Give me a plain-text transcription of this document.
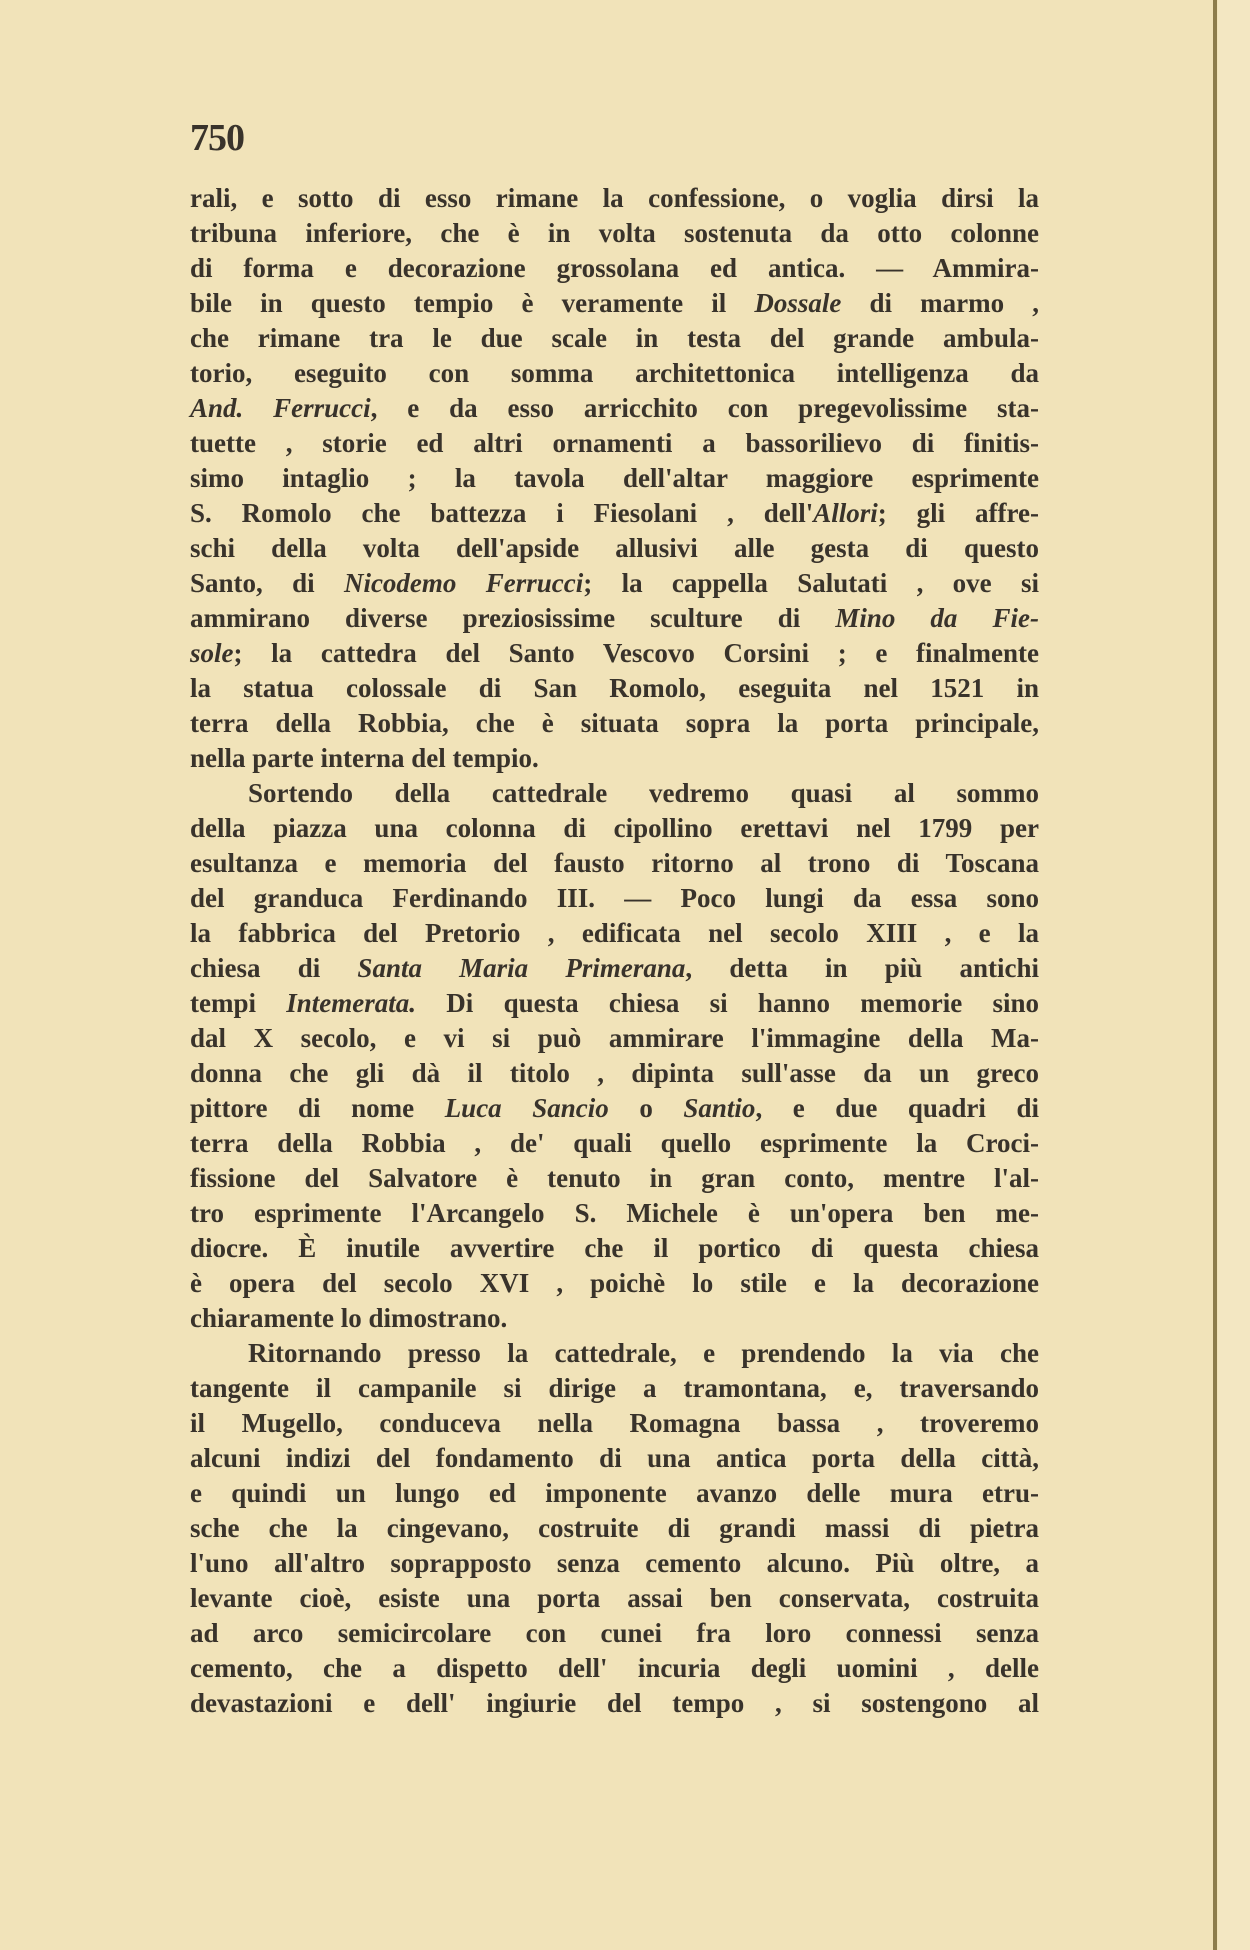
750
rali, e sotto di esso rimane la confessione, o voglia dirsi la
tribuna inferiore, che è in volta sostenuta da otto colonne
di forma e decorazione grossolana ed antica. — Ammira-
bile in questo tempio è veramente il Dossale di marmo ,
che rimane tra le due scale in testa del grande ambula-
torio, eseguito con somma architettonica intelligenza da
And. Ferrucci, e da esso arricchito con pregevolissime sta-
tuette , storie ed altri ornamenti a bassorilievo di finitis-
simo intaglio ; la tavola dell'altar maggiore esprimente
S. Romolo che battezza i Fiesolani , dell'Allori; gli affre-
schi della volta dell'apside allusivi alle gesta di questo
Santo, di Nicodemo Ferrucci; la cappella Salutati , ove si
ammirano diverse preziosissime sculture di Mino da Fie-
sole; la cattedra del Santo Vescovo Corsini ; e finalmente
la statua colossale di San Romolo, eseguita nel 1521 in
terra della Robbia, che è situata sopra la porta principale,
nella parte interna del tempio.
Sortendo della cattedrale vedremo quasi al sommo
della piazza una colonna di cipollino erettavi nel 1799 per
esultanza e memoria del fausto ritorno al trono di Toscana
del granduca Ferdinando III. — Poco lungi da essa sono
la fabbrica del Pretorio , edificata nel secolo XIII , e la
chiesa di Santa Maria Primerana, detta in più antichi
tempi Intemerata. Di questa chiesa si hanno memorie sino
dal X secolo, e vi si può ammirare l'immagine della Ma-
donna che gli dà il titolo , dipinta sull'asse da un greco
pittore di nome Luca Sancio o Santio, e due quadri di
terra della Robbia , de' quali quello esprimente la Croci-
fissione del Salvatore è tenuto in gran conto, mentre l'al-
tro esprimente l'Arcangelo S. Michele è un'opera ben me-
diocre. È inutile avvertire che il portico di questa chiesa
è opera del secolo XVI , poichè lo stile e la decorazione
chiaramente lo dimostrano.
Ritornando presso la cattedrale, e prendendo la via che
tangente il campanile si dirige a tramontana, e, traversando
il Mugello, conduceva nella Romagna bassa , troveremo
alcuni indizi del fondamento di una antica porta della città,
e quindi un lungo ed imponente avanzo delle mura etru-
sche che la cingevano, costruite di grandi massi di pietra
l'uno all'altro soprapposto senza cemento alcuno. Più oltre, a
levante cioè, esiste una porta assai ben conservata, costruita
ad arco semicircolare con cunei fra loro connessi senza
cemento, che a dispetto dell' incuria degli uomini , delle
devastazioni e dell' ingiurie del tempo , si sostengono al
